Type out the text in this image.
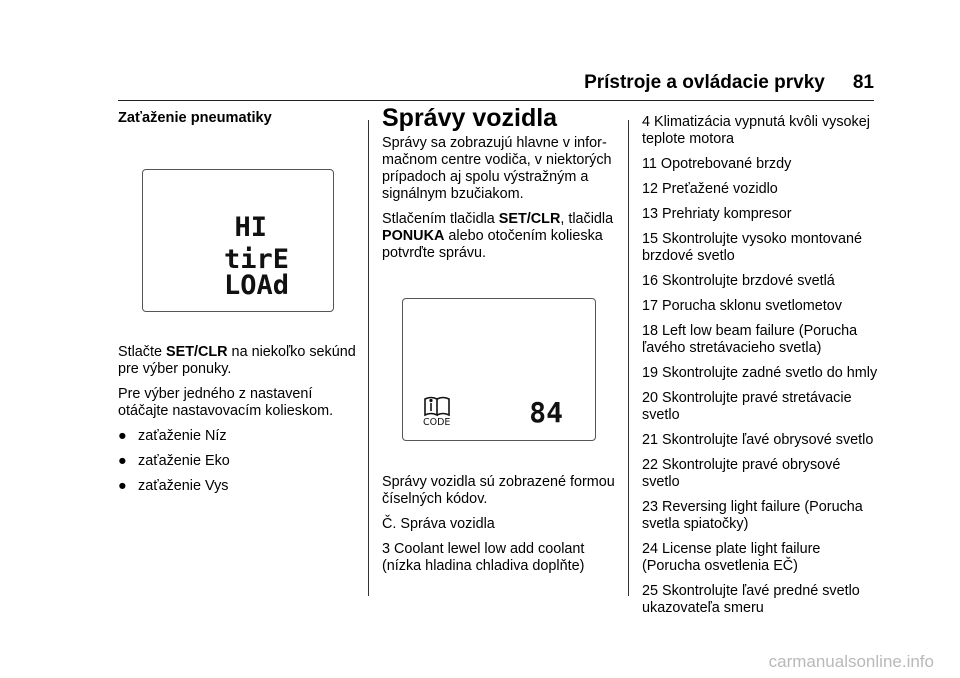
Prístroje a ovládacie prvky 81

Zaťaženie pneumatiky

HI
tirE
LOAd

Stlačte SET/CLR na niekoľko sekúnd pre výber ponuky.

Pre výber jedného z nastavení otáčajte nastavovacím kolieskom.

● zaťaženie Níz
● zaťaženie Eko
● zaťaženie Vys

Správy vozidla

Správy sa zobrazujú hlavne v infor-mačnom centre vodiča, v niektorých prípadoch aj spolu výstražným a signálnym bzučiakom.

Stlačením tlačidla SET/CLR, tlačidla PONUKA alebo otočením kolieska potvrďte správu.

CODE	84

Správy vozidla sú zobrazené formou číselných kódov.

Č. Správa vozidla

3 Coolant lewel low add coolant (nízka hladina chladiva doplňte)

4 Klimatizácia vypnutá kvôli vysokej teplote motora

11 Opotrebované brzdy

12 Preťažené vozidlo

13 Prehriaty kompresor

15 Skontrolujte vysoko montované brzdové svetlo

16 Skontrolujte brzdové svetlá

17 Porucha sklonu svetlometov

18 Left low beam failure (Porucha ľavého stretávacieho svetla)

19 Skontrolujte zadné svetlo do hmly

20 Skontrolujte pravé stretávacie svetlo

21 Skontrolujte ľavé obrysové svetlo

22 Skontrolujte pravé obrysové svetlo

23 Reversing light failure (Porucha svetla spiatočky)

24 License plate light failure (Porucha osvetlenia EČ)

25 Skontrolujte ľavé predné svetlo ukazovateľa smeru

carmanualsonline.info
